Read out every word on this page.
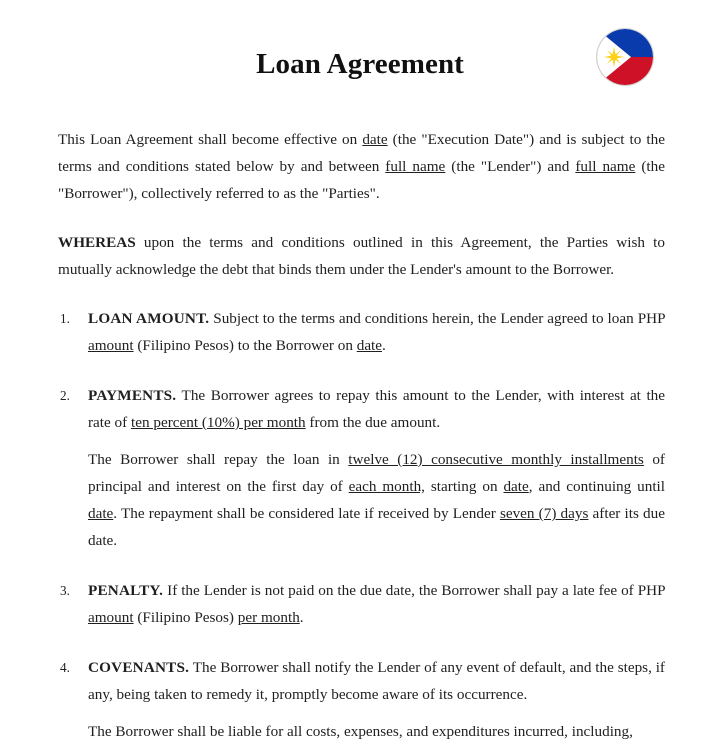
Loan Agreement

This Loan Agreement shall become effective on date (the "Execution Date") and is subject to the terms and conditions stated below by and between full name (the "Lender") and full name (the "Borrower"), collectively referred to as the "Parties".

WHEREAS upon the terms and conditions outlined in this Agreement, the Parties wish to mutually acknowledge the debt that binds them under the Lender's amount to the Borrower.

LOAN AMOUNT. Subject to the terms and conditions herein, the Lender agreed to loan PHP amount (Filipino Pesos) to the Borrower on date.

PAYMENTS. The Borrower agrees to repay this amount to the Lender, with interest at the rate of ten percent (10%) per month from the due amount.

The Borrower shall repay the loan in twelve (12) consecutive monthly installments of principal and interest on the first day of each month, starting on date, and continuing until date. The repayment shall be considered late if received by Lender seven (7) days after its due date.

PENALTY. If the Lender is not paid on the due date, the Borrower shall pay a late fee of PHP amount (Filipino Pesos) per month.

COVENANTS. The Borrower shall notify the Lender of any event of default, and the steps, if any, being taken to remedy it, promptly become aware of its occurrence.

The Borrower shall be liable for all costs, expenses, and expenditures incurred, including,
